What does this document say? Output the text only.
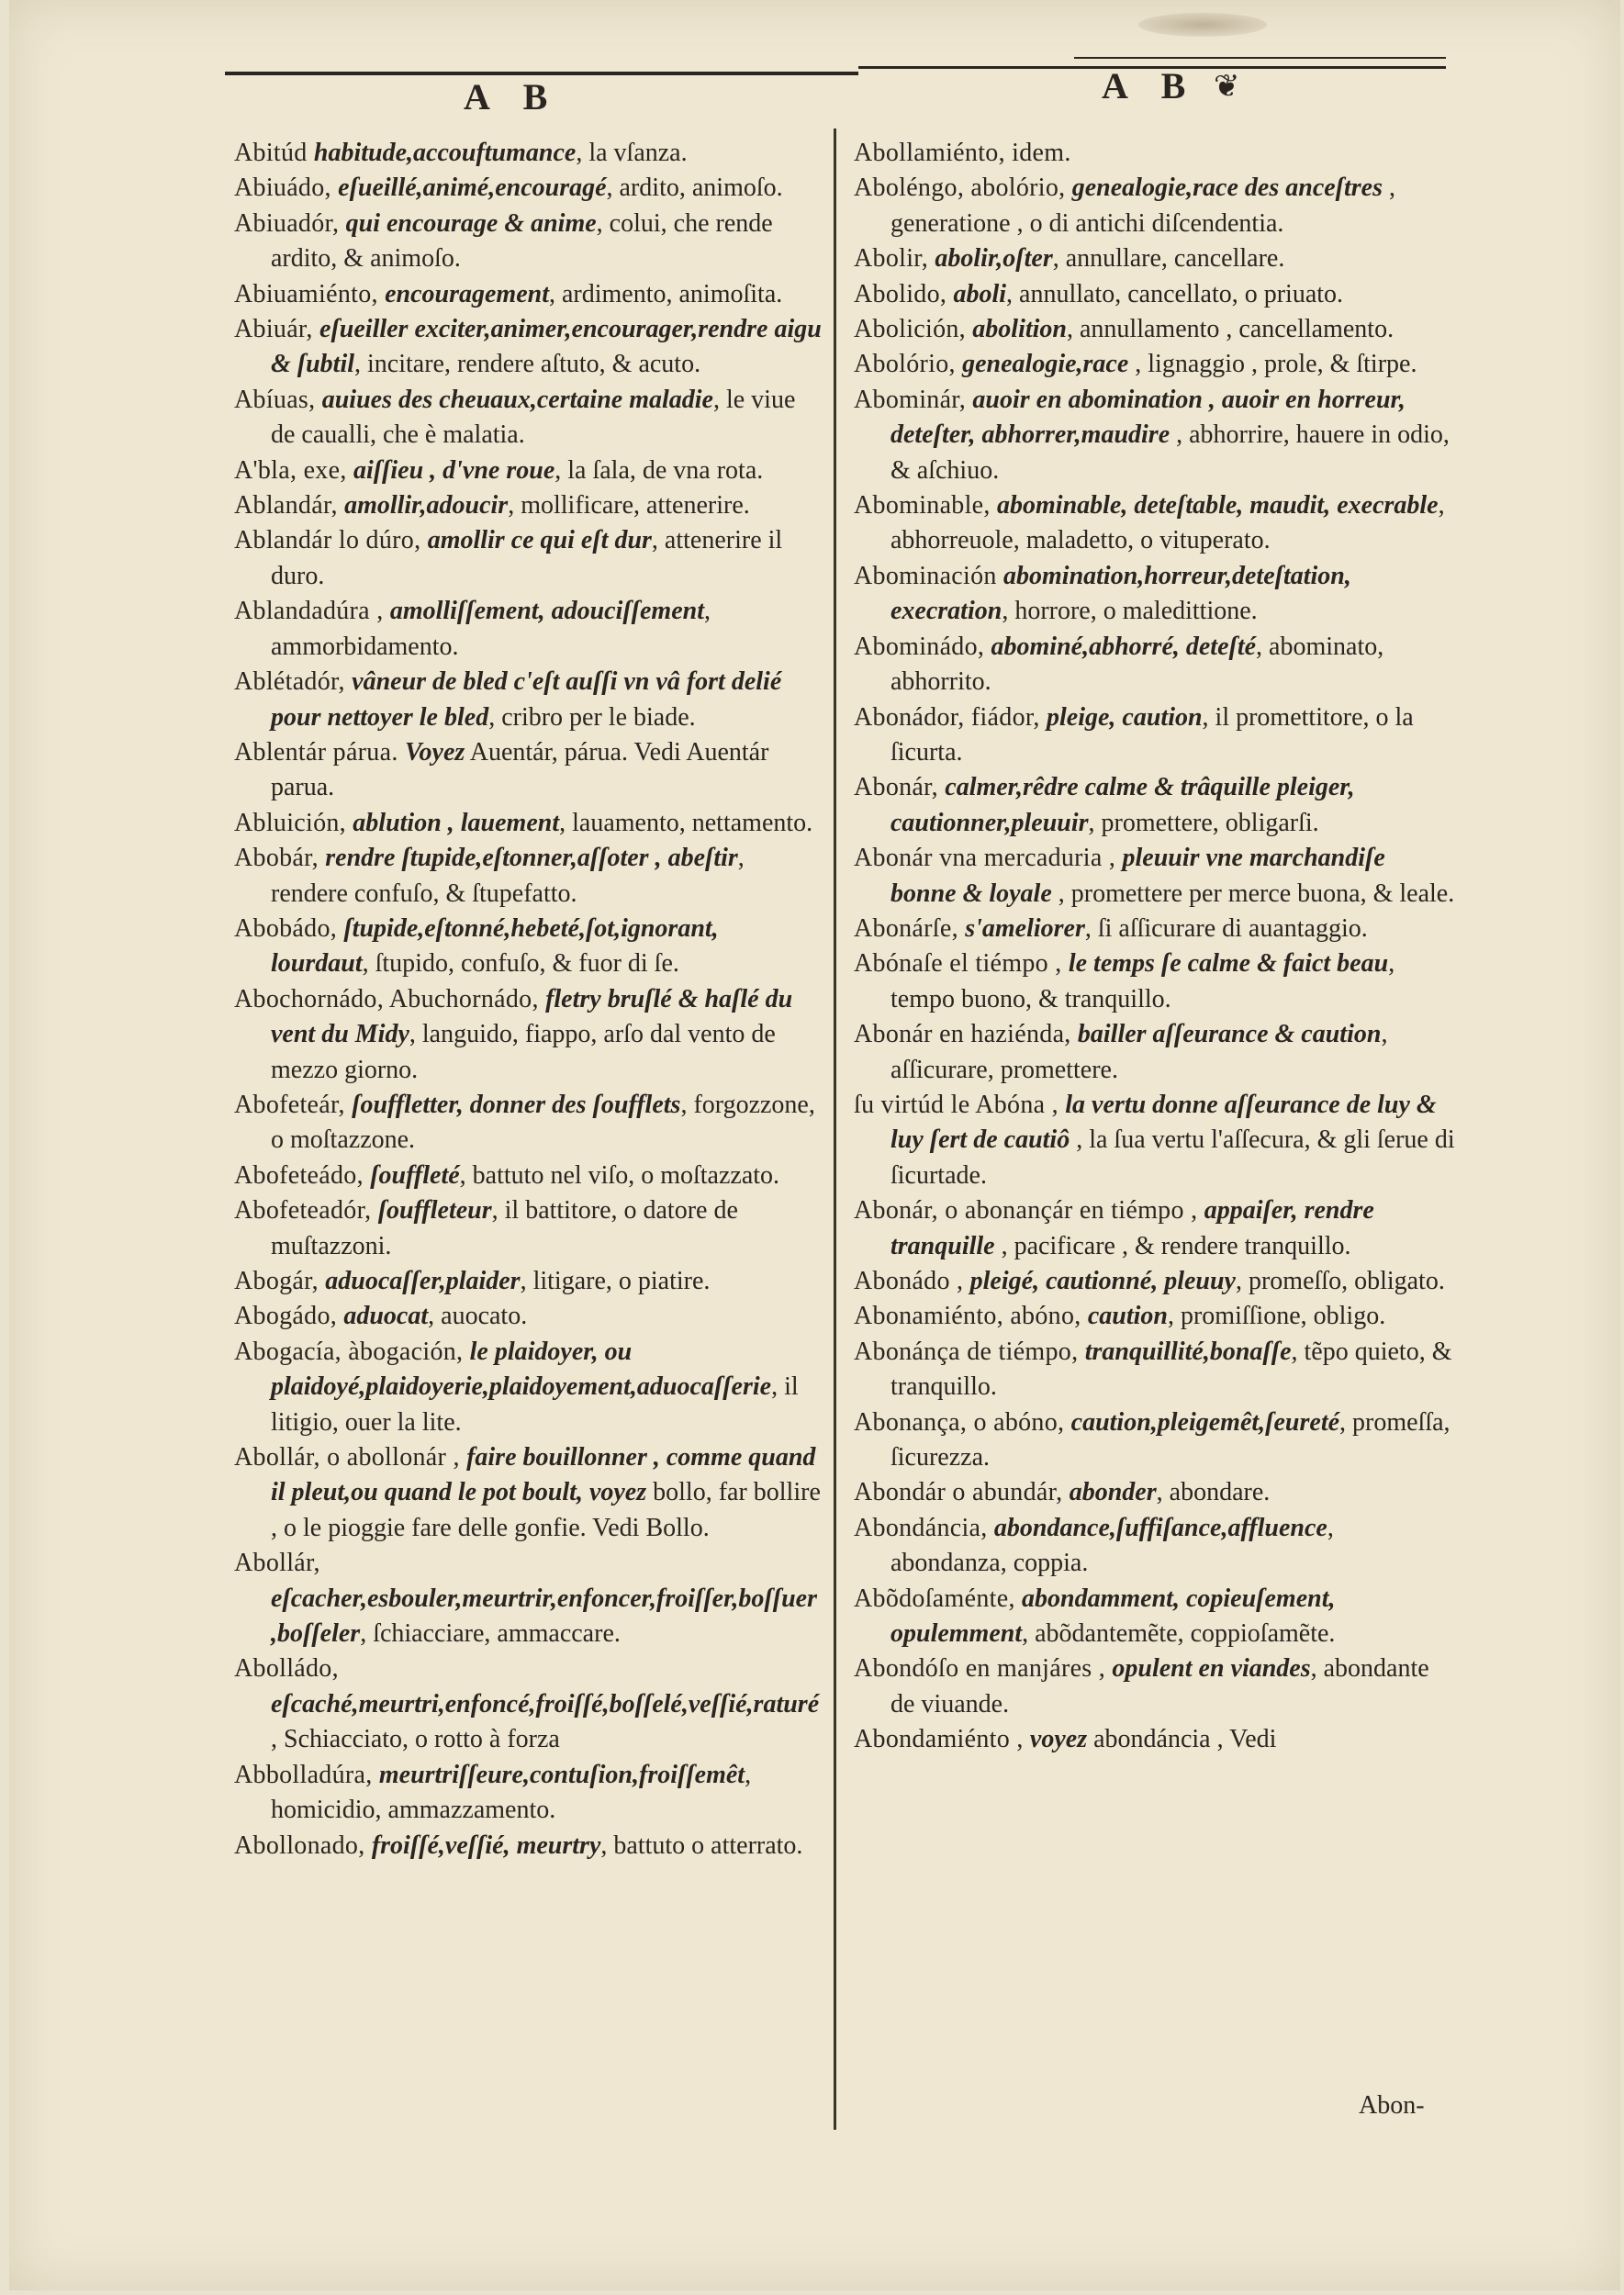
A B	A B ❦
Abitúd habitude,accouftumance, la vſanza.
Abiuádo, eſueillé,animé,encouragé, ardito, animoſo.
Abiuadór, qui encourage & anime, colui, che rende ardito, & animoſo.
Abiuamiénto, encouragement, ardimento, animoſita.
Abiuár, eſueiller exciter,animer,encourager,rendre aigu & ſubtil, incitare, rendere aſtuto, & acuto.
Abíuas, auiues des cheuaux,certaine maladie, le viue de caualli, che è malatia.
A'bla, exe, aiſſieu , d'vne roue, la ſala, de vna rota.
Ablandár, amollir,adoucir, mollificare, attenerire.
Ablandár lo dúro, amollir ce qui eſt dur, attenerire il duro.
Ablandadúra , amolliſſement, adouciſſement, ammorbidamento.
Ablétadór, vâneur de bled c'eſt auſſi vn vâ fort delié pour nettoyer le bled, cribro per le biade.
Ablentár párua. Voyez Auentár, párua. Vedi Auentár parua.
Abluición, ablution , lauement, lauamento, nettamento.
Abobár, rendre ſtupide,eſtonner,aſſoter , abeſtir, rendere confuſo, & ſtupefatto.
Abobádo, ſtupide,eſtonné,hebeté,ſot,ignorant, lourdaut, ſtupido, confuſo, & fuor di ſe.
Abochornádo, Abuchornádo, fletry bruſlé & haſlé du vent du Midy, languido, fiappo, arſo dal vento de mezzo giorno.
Abofeteár, ſouffletter, donner des ſoufflets, forgozzone, o moſtazzone.
Abofeteádo, ſouffleté, battuto nel viſo, o moſtazzato.
Abofeteadór, ſouffleteur, il battitore, o datore de muſtazzoni.
Abogár, aduocaſſer,plaider, litigare, o piatire.
Abogádo, aduocat, auocato.
Abogacía, àbogación, le plaidoyer, ou plaidoyé,plaidoyerie,plaidoyement,aduocaſſerie, il litigio, ouer la lite.
Abollár, o abollonár , faire bouillonner , comme quand il pleut,ou quand le pot boult, voyez bollo, far bollire , o le pioggie fare delle gonfie. Vedi Bollo.
Abollár, eſcacher,esbouler,meurtrir,enfoncer,froiſſer,boſſuer,boſſeler, ſchiacciare, ammaccare.
Abolládo, eſcaché,meurtri,enfoncé,froiſſé,boſſelé,veſſié,raturé, Schiacciato, o rotto à forza
Abbolladúra, meurtriſſeure,contuſion,froiſſemêt, homicidio, ammazzamento.
Abollonado, froiſſé,veſſié, meurtry, battuto o atterrato.
Abollamiénto, idem.
Aboléngo, abolório, genealogie,race des anceſtres , generatione , o di antichi diſcendentia.
Abolir, abolir,oſter, annullare, cancellare.
Abolido, aboli, annullato, cancellato, o priuato.
Abolición, abolition, annullamento , cancellamento.
Abolório, genealogie,race , lignaggio , prole, & ſtirpe.
Abominár, auoir en abomination , auoir en horreur, deteſter, abhorrer,maudire , abhorrire, hauere in odio, & aſchiuo.
Abominable, abominable, deteſtable, maudit, execrable, abhorreuole, maladetto, o vituperato.
Abominación abomination,horreur,deteſtation, execration, horrore, o maledittione.
Abominádo, abominé,abhorré, deteſté, abominato, abhorrito.
Abonádor, fiádor, pleige, caution, il promettitore, o la ſicurta.
Abonár, calmer,rêdre calme & trâquille pleiger, cautionner,pleuuir, promettere, obligarſi.
Abonár vna mercaduria , pleuuir vne marchandiſe bonne & loyale , promettere per merce buona, & leale.
Abonárſe, s'ameliorer, ſi aſſicurare di auantaggio.
Abónaſe el tiémpo , le temps ſe calme & faict beau, tempo buono, & tranquillo.
Abonár en haziénda, bailler aſſeurance & caution, aſſicurare, promettere.
ſu virtúd le Abóna , la vertu donne aſſeurance de luy & luy ſert de cautiô , la ſua vertu l'aſſecura, & gli ſerue di ſicurtade.
Abonár, o abonançár en tiémpo , appaiſer, rendre tranquille , pacificare , & rendere tranquillo.
Abonádo , pleigé, cautionné, pleuuy, promeſſo, obligato.
Abonamiénto, abóno, caution, promiſſione, obligo.
Abonánça de tiémpo, tranquillité,bonaſſe, tẽpo quieto, & tranquillo.
Abonança, o abóno, caution,pleigemêt,ſeureté, promeſſa, ſicurezza.
Abondár o abundár, abonder, abondare.
Abondáncia, abondance,ſuffiſance,affluence, abondanza, coppia.
Abõdoſaménte, abondamment, copieuſement, opulemment, abõdantemẽte, coppioſamẽte.
Abondóſo en manjáres , opulent en viandes, abondante de viuande.
Abondamiénto , voyez abondáncia , Vedi
Abon-
